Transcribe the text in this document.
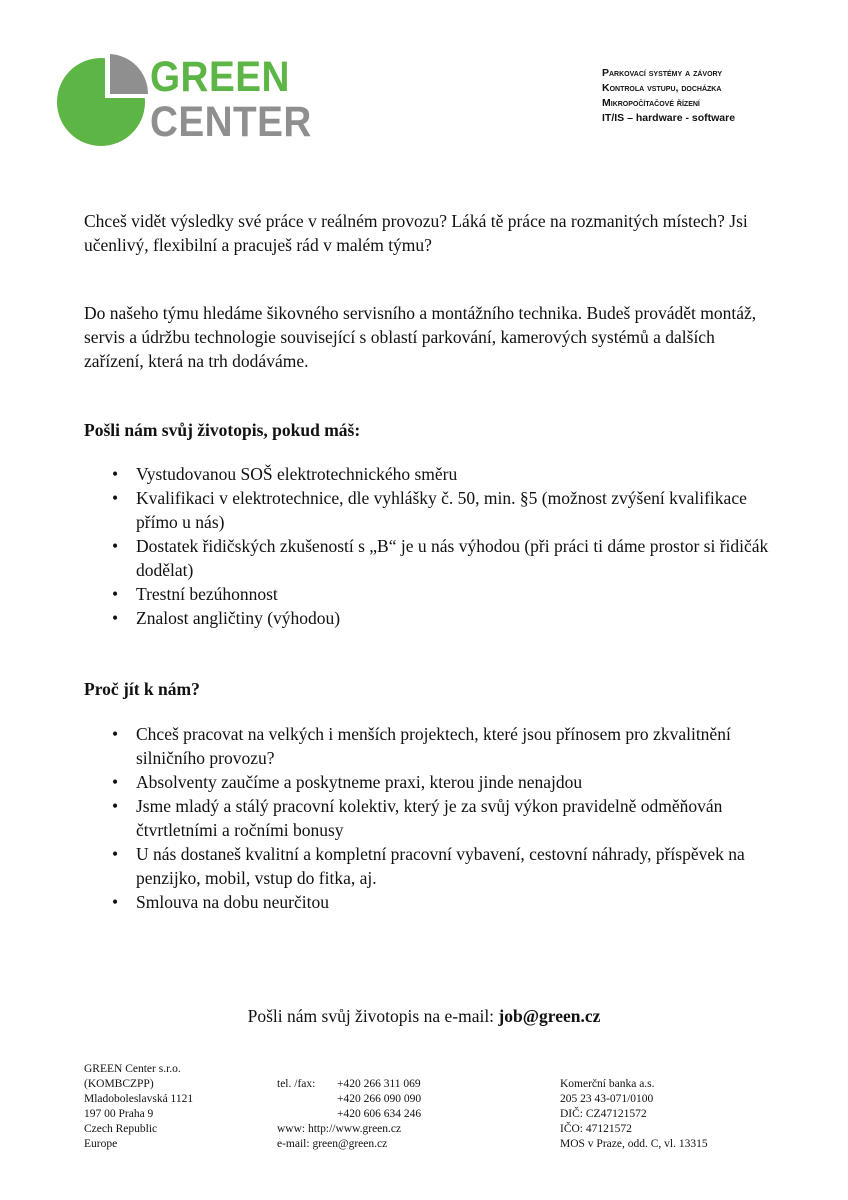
GREEN
CENTER
Parkovací systémy a závory
Kontrola vstupu, docházka
Mikropočítačové řízení
IT/IS – hardware - software

Chceš vidět výsledky své práce v reálném provozu? Láká tě práce na rozmanitých místech? Jsi učenlivý, flexibilní a pracuješ rád v malém týmu?

Do našeho týmu hledáme šikovného servisního a montážního technika. Budeš provádět montáž, servis a údržbu technologie související s oblastí parkování, kamerových systémů a dalších zařízení, která na trh dodáváme.

Pošli nám svůj životopis, pokud máš:

• Vystudovanou SOŠ elektrotechnického směru
• Kvalifikaci v elektrotechnice, dle vyhlášky č. 50, min. §5 (možnost zvýšení kvalifikace přímo u nás)
• Dostatek řidičských zkušeností s „B“ je u nás výhodou (při práci ti dáme prostor si řidičák dodělat)
• Trestní bezúhonnost
• Znalost angličtiny (výhodou)

Proč jít k nám?

• Chceš pracovat na velkých i menších projektech, které jsou přínosem pro zkvalitnění silničního provozu?
• Absolventy zaučíme a poskytneme praxi, kterou jinde nenajdou
• Jsme mladý a stálý pracovní kolektiv, který je za svůj výkon pravidelně odměňován čtvrtletními a ročními bonusy
• U nás dostaneš kvalitní a kompletní pracovní vybavení, cestovní náhrady, příspěvek na penzijko, mobil, vstup do fitka, aj.
• Smlouva na dobu neurčitou
Pošli nám svůj životopis na e-mail: job@green.cz
GREEN Center s.r.o.
(KOMBCZPP)
Mladoboleslavská 1121
197 00 Praha 9
Czech Republic
Europe
tel. /fax: +420 266 311 069
+420 266 090 090
+420 606 634 246
www: http://www.green.cz
e-mail: green@green.cz
Komerční banka a.s.
205 23 43-071/0100
DIČ: CZ47121572
IČO: 47121572
MOS v Praze, odd. C, vl. 13315
